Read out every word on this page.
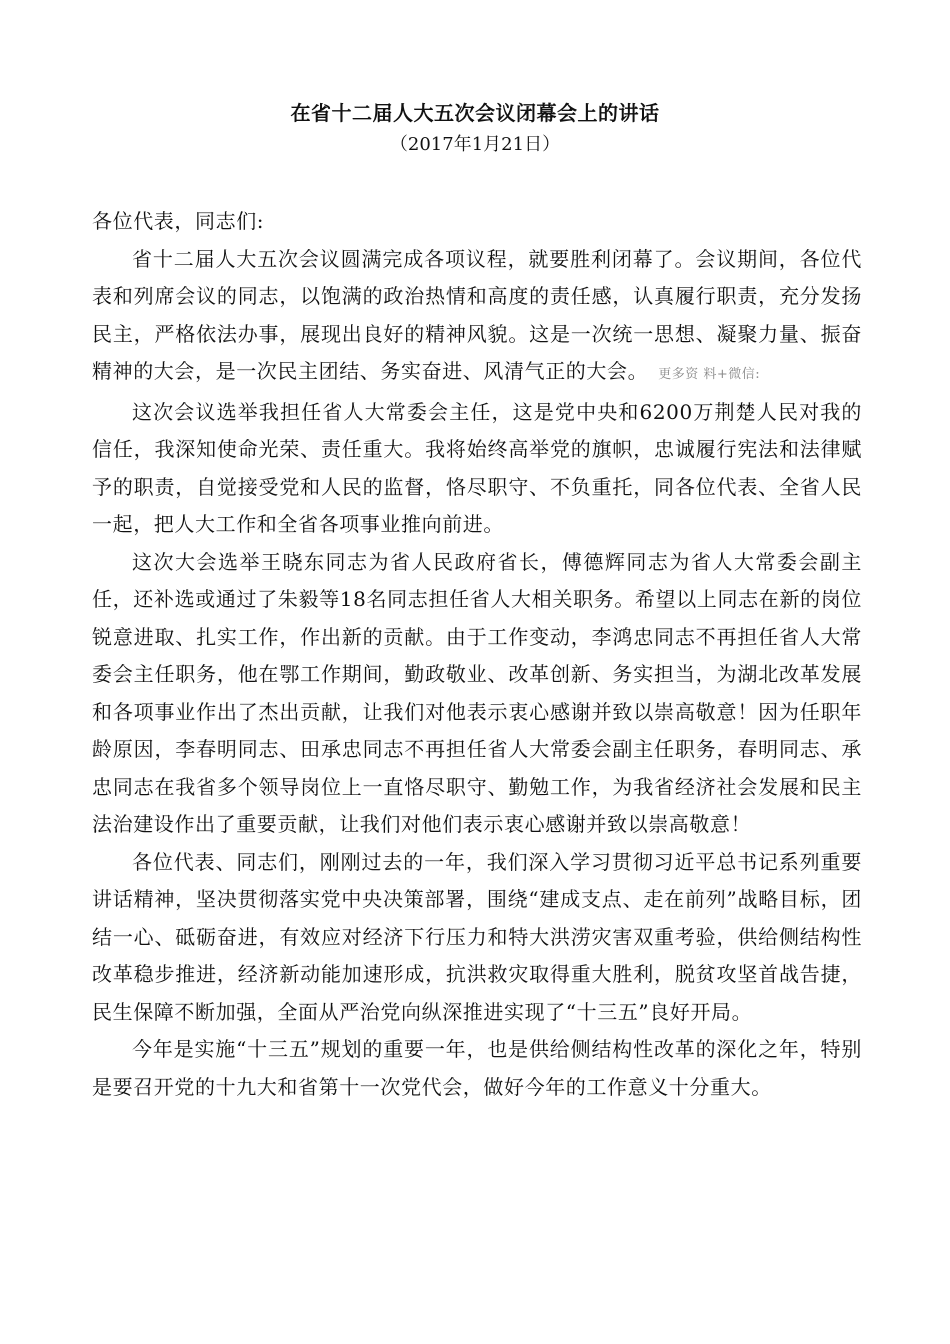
在省十二届人大五次会议闭幕会上的讲话
（2017年1月21日）

各位代表，同志们:

省十二届人大五次会议圆满完成各项议程，就要胜利闭幕了。会议期间，各位代表和列席会议的同志，以饱满的政治热情和高度的责任感，认真履行职责，充分发扬民主，严格依法办事，展现出良好的精神风貌。这是一次统一思想、凝聚力量、振奋精神的大会，是一次民主团结、务实奋进、风清气正的大会。 更多资 料+微信:

这次会议选举我担任省人大常委会主任，这是党中央和6200万荆楚人民对我的信任，我深知使命光荣、责任重大。我将始终高举党的旗帜，忠诚履行宪法和法律赋予的职责，自觉接受党和人民的监督，恪尽职守、不负重托，同各位代表、全省人民一起，把人大工作和全省各项事业推向前进。

这次大会选举王晓东同志为省人民政府省长，傅德辉同志为省人大常委会副主任，还补选或通过了朱毅等18名同志担任省人大相关职务。希望以上同志在新的岗位锐意进取、扎实工作，作出新的贡献。由于工作变动，李鸿忠同志不再担任省人大常委会主任职务，他在鄂工作期间，勤政敬业、改革创新、务实担当，为湖北改革发展和各项事业作出了杰出贡献，让我们对他表示衷心感谢并致以崇高敬意！因为任职年龄原因，李春明同志、田承忠同志不再担任省人大常委会副主任职务，春明同志、承忠同志在我省多个领导岗位上一直恪尽职守、勤勉工作，为我省经济社会发展和民主法治建设作出了重要贡献，让我们对他们表示衷心感谢并致以崇高敬意！

各位代表、同志们，刚刚过去的一年，我们深入学习贯彻习近平总书记系列重要讲话精神，坚决贯彻落实党中央决策部署，围绕“建成支点、走在前列”战略目标，团结一心、砥砺奋进，有效应对经济下行压力和特大洪涝灾害双重考验，供给侧结构性改革稳步推进，经济新动能加速形成，抗洪救灾取得重大胜利，脱贫攻坚首战告捷，民生保障不断加强，全面从严治党向纵深推进实现了“十三五”良好开局。

今年是实施“十三五”规划的重要一年，也是供给侧结构性改革的深化之年，特别是要召开党的十九大和省第十一次党代会，做好今年的工作意义十分重大。
